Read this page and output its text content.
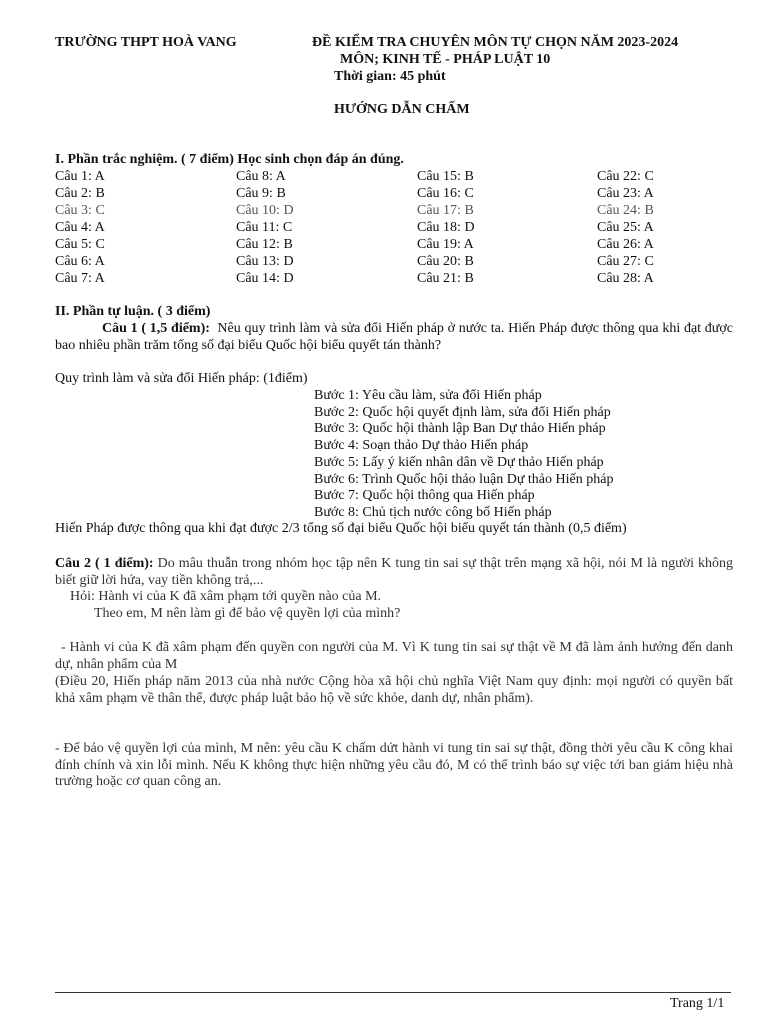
TRƯỜNG THPT HOÀ VANG	ĐỀ KIỂM TRA CHUYÊN MÔN TỰ CHỌN NĂM 2023-2024
MÔN; KINH TẾ - PHÁP LUẬT 10
Thời gian: 45 phút
HƯỚNG DẪN CHẤM
I. Phần trắc nghiệm. ( 7 điểm) Học sinh chọn đáp án đúng.
Câu 1: A	Câu 8: A	Câu 15: B	Câu 22: C
Câu 2: B	Câu 9: B	Câu 16: C	Câu 23: A
Câu 3: C	Câu 10: D	Câu 17: B	Câu 24: B
Câu 4: A	Câu 11: C	Câu 18: D	Câu 25: A
Câu 5: C	Câu 12: B	Câu 19: A	Câu 26: A
Câu 6: A	Câu 13: D	Câu 20: B	Câu 27: C
Câu 7: A	Câu 14: D	Câu 21: B	Câu 28: A
II. Phần tự luận. ( 3 điểm)
Câu 1 ( 1,5 điểm): Nêu quy trình làm và sửa đổi Hiến pháp ở nước ta. Hiến Pháp được thông qua khi đạt được bao nhiêu phần trăm tổng số đại biểu Quốc hội biểu quyết tán thành?
Quy trình làm và sửa đổi Hiến pháp: (1điểm)
Bước 1: Yêu cầu làm, sửa đổi Hiến pháp
Bước 2: Quốc hội quyết định làm, sửa đổi Hiến pháp
Bước 3: Quốc hội thành lập Ban Dự thảo Hiến pháp
Bước 4: Soạn thảo Dự thảo Hiến pháp
Bước 5: Lấy ý kiến nhân dân về Dự thảo Hiến pháp
Bước 6: Trình Quốc hội thảo luận Dự thảo Hiến pháp
Bước 7: Quốc hội thông qua Hiến pháp
Bước 8: Chủ tịch nước công bố Hiến pháp
Hiến Pháp được thông qua khi đạt được 2/3 tổng số đại biểu Quốc hội biểu quyết tán thành (0,5 điểm)
Câu 2 ( 1 điểm): Do mâu thuẫn trong nhóm học tập nên K tung tin sai sự thật trên mạng xã hội, nói M là người không biết giữ lời hứa, vay tiền không trả,...
Hỏi: Hành vi của K đã xâm phạm tới quyền nào của M.
Theo em, M nên làm gì để bảo vệ quyền lợi của mình?
- Hành vi của K đã xâm phạm đến quyền con người của M. Vì K tung tin sai sự thật về M đã làm ảnh hưởng đến danh dự, nhân phẩm của M
(Điều 20, Hiến pháp năm 2013 của nhà nước Cộng hòa xã hội chủ nghĩa Việt Nam quy định: mọi người có quyền bất khả xâm phạm về thân thể, được pháp luật bảo hộ về sức khỏe, danh dự, nhân phẩm).
- Để bảo vệ quyền lợi của mình, M nên: yêu cầu K chấm dứt hành vi tung tin sai sự thật, đồng thời yêu cầu K công khai đính chính và xin lỗi mình. Nếu K không thực hiện những yêu cầu đó, M có thể trình báo sự việc tới ban giám hiệu nhà trường hoặc cơ quan công an.
Trang 1/1
